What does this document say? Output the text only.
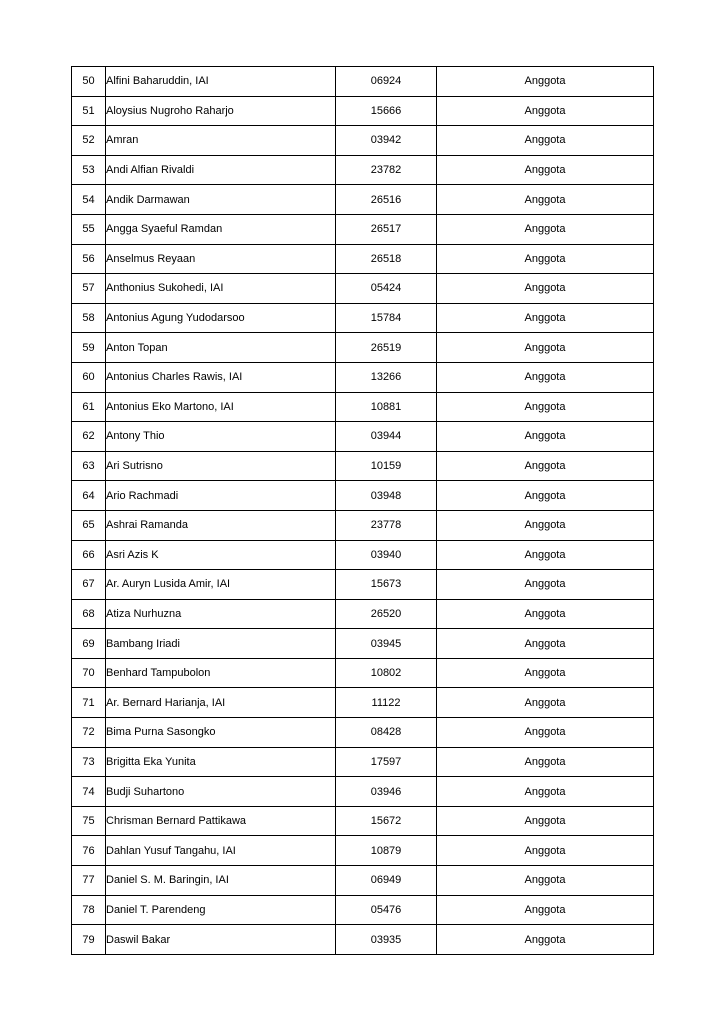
50	Alfini Baharuddin, IAI	06924	Anggota
51	Aloysius Nugroho Raharjo	15666	Anggota
52	Amran	03942	Anggota
53	Andi Alfian Rivaldi	23782	Anggota
54	Andik Darmawan	26516	Anggota
55	Angga Syaeful Ramdan	26517	Anggota
56	Anselmus Reyaan	26518	Anggota
57	Anthonius Sukohedi, IAI	05424	Anggota
58	Antonius Agung Yudodarsoo	15784	Anggota
59	Anton Topan	26519	Anggota
60	Antonius Charles Rawis, IAI	13266	Anggota
61	Antonius Eko Martono, IAI	10881	Anggota
62	Antony Thio	03944	Anggota
63	Ari Sutrisno	10159	Anggota
64	Ario Rachmadi	03948	Anggota
65	Ashrai Ramanda	23778	Anggota
66	Asri Azis K	03940	Anggota
67	Ar. Auryn Lusida Amir, IAI	15673	Anggota
68	Atiza Nurhuzna	26520	Anggota
69	Bambang Iriadi	03945	Anggota
70	Benhard Tampubolon	10802	Anggota
71	Ar. Bernard Harianja, IAI	11122	Anggota
72	Bima Purna Sasongko	08428	Anggota
73	Brigitta Eka Yunita	17597	Anggota
74	Budji Suhartono	03946	Anggota
75	Chrisman Bernard Pattikawa	15672	Anggota
76	Dahlan Yusuf Tangahu, IAI	10879	Anggota
77	Daniel S. M. Baringin, IAI	06949	Anggota
78	Daniel T. Parendeng	05476	Anggota
79	Daswil Bakar	03935	Anggota
